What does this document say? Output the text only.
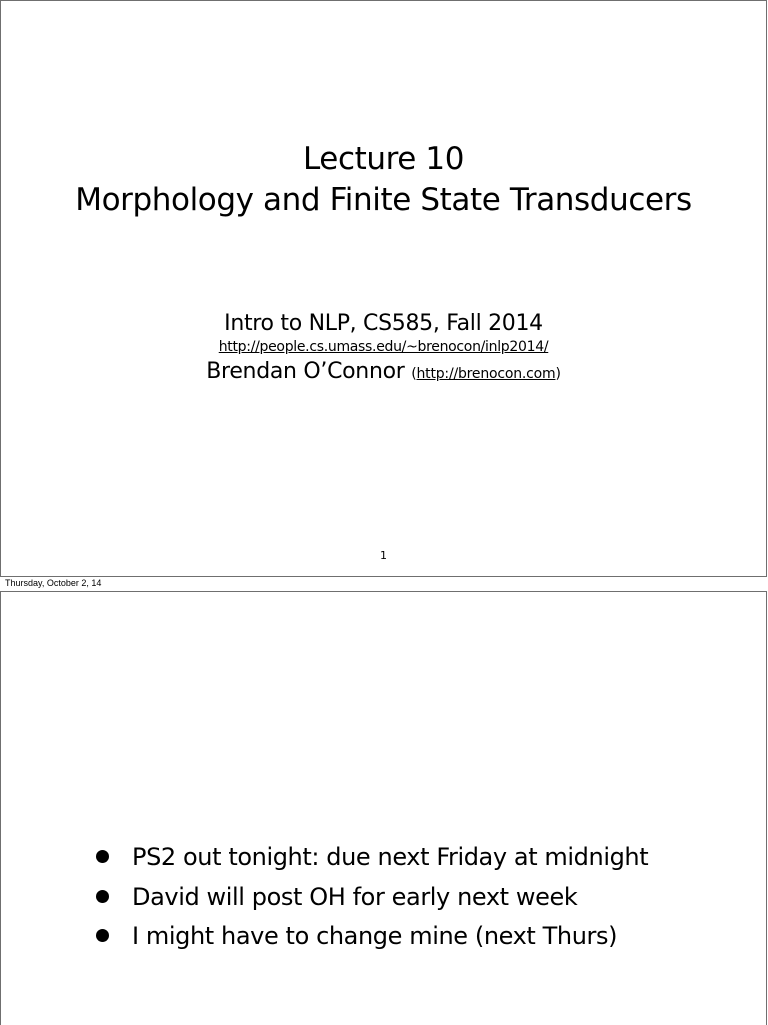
Lecture 10
Morphology and Finite State Transducers
Intro to NLP, CS585, Fall 2014
http://people.cs.umass.edu/~brenocon/inlp2014/
Brendan O’Connor (http://brenocon.com)
1
Thursday, October 2, 14
PS2 out tonight: due next Friday at midnight
David will post OH for early next week
I might have to change mine (next Thurs)
